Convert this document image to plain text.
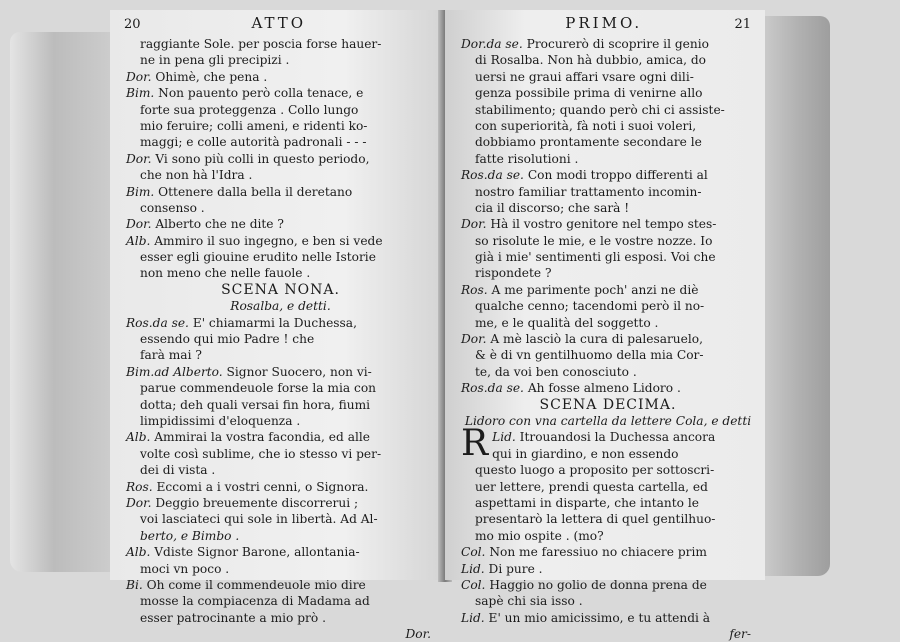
20	ATTO
raggiante Sole. per poscia forse hauer-
ne in pena gli precipizi .
Dor. Ohimè, che pena .
Bim. Non pauento però colla tenace, e
forte sua proteggenza . Collo lungo
mio feruire; colli ameni, e ridenti ko-
maggi; e colle autorità padronali - - -
Dor. Vi sono più colli in questo periodo,
che non hà l'Idra .
Bim. Ottenere dalla bella il deretano
consenso .
Dor. Alberto che ne dite ?
Alb. Ammiro il suo ingegno, e ben si vede
esser egli giouine erudito nelle Istorie
non meno che nelle fauole .
SCENA NONA.
Rosalba, e detti.
Ros.da se. E' chiamarmi la Duchessa,
essendo qui mio Padre ! che
farà mai ?
Bim.ad Alberto. Signor Suocero, non vi-
parue commendeuole forse la mia con
dotta; deh quali versai fin hora, fiumi
limpidissimi d'eloquenza .
Alb. Ammirai la vostra facondia, ed alle
volte così sublime, che io stesso vi per-
dei di vista .
Ros. Eccomi a i vostri cenni, o Signora.
Dor. Deggio breuemente discorrerui ;
voi lasciateci qui sole in libertà. Ad Al-
berto, e Bimbo .
Alb. Vdiste Signor Barone, allontania-
moci vn poco .
Bi. Oh come il commendeuole mio dire
mosse la compiacenza di Madama ad
esser patrocinante a mio prò .
Dor.
PRIMO.	21
Dor.da se. Procurerò di scoprire il genio
di Rosalba. Non hà dubbio, amica, do
uersi ne graui affari vsare ogni dili-
genza possibile prima di venirne allo
stabilimento; quando però chi ci assiste-
con superiorità, fà noti i suoi voleri,
dobbiamo prontamente secondare le
fatte risolutioni .
Ros.da se. Con modi troppo differenti al
nostro familiar trattamento incomin-
cia il discorso; che sarà !
Dor. Hà il vostro genitore nel tempo stes-
so risolute le mie, e le vostre nozze. Io
già i mie' sentimenti gli esposi. Voi che
rispondete ?
Ros. A me parimente poch' anzi ne diè
qualche cenno; tacendomi però il no-
me, e le qualità del soggetto .
Dor. A mè lasciò la cura di palesaruelo,
& è di vn gentilhuomo della mia Cor-
te, da voi ben conosciuto .
Ros.da se. Ah fosse almeno Lidoro .
SCENA DECIMA.
Lidoro con vna cartella da lettere Cola, e detti
R Lid. Itrouandosi la Duchessa ancora
qui in giardino, e non essendo
questo luogo a proposito per sottoscri-
uer lettere, prendi questa cartella, ed
aspettami in disparte, che intanto le
presentarò la lettera di quel gentilhuo-
mo mio ospite . (mo?
Col. Non me faressiuo no chiacere prim
Lid. Di pure .
Col. Haggio no golio de donna prena de
sapè chi sia isso .
Lid. E' un mio amicissimo, e tu attendi à
fer-
